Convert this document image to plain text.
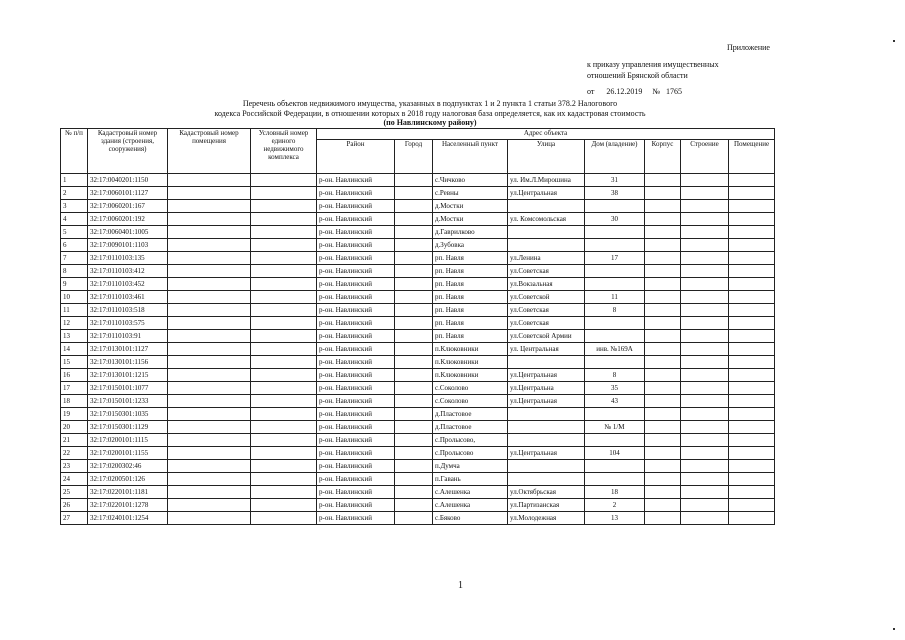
Приложение
к приказу управления имущественных
отношений Брянской области
от 26.12.2019 № 1765
Перечень объектов недвижимого имущества, указанных в подпунктах 1 и 2 пункта 1 статьи 378.2 Налогового
кодекса Российской Федерации, в отношении которых в 2018 году налоговая база определяется, как их кадастровая стоимость
(по Навлинскому району)
№ п/п	Кадастровый номер здания (строения, сооружения)	Кадастровый номер помещения	Условный номер единого недвижимого комплекса	Адрес объекта							
				Район	Город	Населенный пункт	Улица	Дом (владение)	Корпус	Строение	Помещение
1	32:17:0040201:1150			р-он. Навлинский		с.Чичково	ул. Им.Л.Мирошина	31			
2	32:17:0060101:1127			р-он. Навлинский		с.Ревны	ул.Центральная	38			
3	32:17:0060201:167			р-он. Навлинский		д.Мостки					
4	32:17:0060201:192			р-он. Навлинский		д.Мостки	ул. Комсомольская	30			
5	32:17:0060401:1005			р-он. Навлинский		д.Гаврилково					
6	32:17:0090101:1103			р-он. Навлинский		д.Зубовка					
7	32:17:0110103:135			р-он. Навлинский		рп. Навля	ул.Ленина	17			
8	32:17:0110103:412			р-он. Навлинский		рп. Навля	ул.Советская				
9	32:17:0110103:452			р-он. Навлинский		рп. Навля	ул.Вокзальная				
10	32:17:0110103:461			р-он. Навлинский		рп. Навля	ул.Советской	11			
11	32:17:0110103:518			р-он. Навлинский		рп. Навля	ул.Советская	8			
12	32:17:0110103:575			р-он. Навлинский		рп. Навля	ул.Советская				
13	32:17:0110103:91			р-он. Навлинский		рп. Навля	ул.Советской Армии				
14	32:17:0130101:1127			р-он. Навлинский		п.Клюковники	ул. Центральная	инв. №169А			
15	32:17:0130101:1156			р-он. Навлинский		п.Клюковники					
16	32:17:0130101:1215			р-он. Навлинский		п.Клюковники	ул.Центральная	8			
17	32:17:0150101:1077			р-он. Навлинский		с.Соколово	ул.Центральна	35			
18	32:17:0150101:1233			р-он. Навлинский		с.Соколово	ул.Центральная	43			
19	32:17:0150301:1035			р-он. Навлинский		д.Пластовое					
20	32:17:0150301:1129			р-он. Навлинский		д.Пластовое		№ 1/М			
21	32:17:0200101:1115			р-он. Навлинский		с.Пролысово,					
22	32:17:0200101:1155			р-он. Навлинский		с.Пролысово	ул.Центральная	104			
23	32:17:0200302:46			р-он. Навлинский		п.Думча					
24	32:17:0200501:126			р-он. Навлинский		п.Гавань					
25	32:17:0220101:1181			р-он. Навлинский		с.Алешенка	ул.Октябрьская	18			
26	32:17:0220101:1278			р-он. Навлинский		с.Алешенка	ул.Партизанская	2			
27	32:17:0240101:1254			р-он. Навлинский		с.Бяково	ул.Молодежная	13			
1
